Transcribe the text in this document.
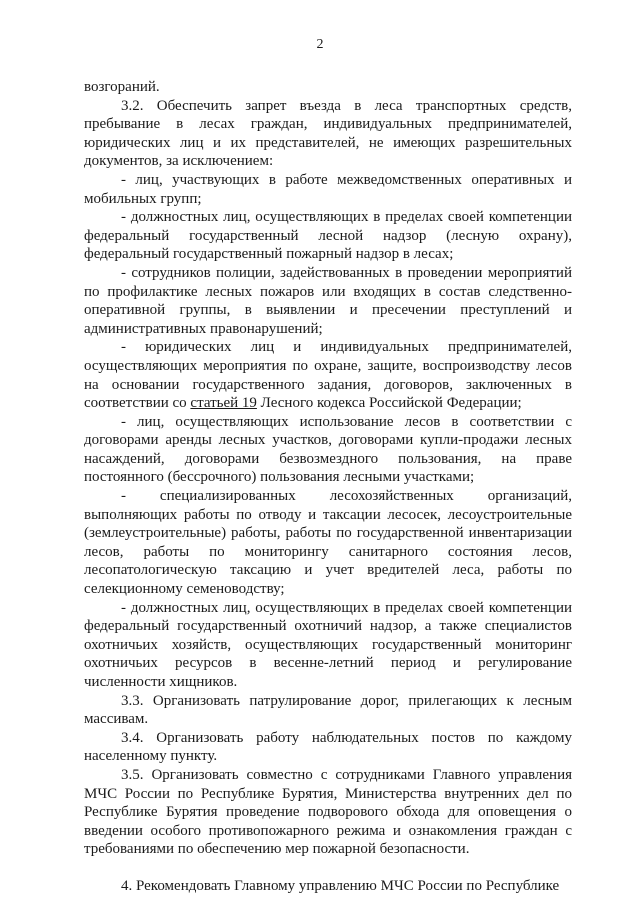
2

возгораний.

3.2. Обеспечить запрет въезда в леса транспортных средств, пребывание в лесах граждан, индивидуальных предпринимателей, юридических лиц и их представителей, не имеющих разрешительных документов, за исключением:

- лиц, участвующих в работе межведомственных оперативных и мобильных групп;

- должностных лиц, осуществляющих в пределах своей компетенции федеральный государственный лесной надзор (лесную охрану), федеральный государственный пожарный надзор в лесах;

- сотрудников полиции, задействованных в проведении мероприятий по профилактике лесных пожаров или входящих в состав следственно-оперативной группы, в выявлении и пресечении преступлений и административных правонарушений;

- юридических лиц и индивидуальных предпринимателей, осуществляющих мероприятия по охране, защите, воспроизводству лесов на основании государственного задания, договоров, заключенных в соответствии со статьей 19 Лесного кодекса Российской Федерации;

- лиц, осуществляющих использование лесов в соответствии с договорами аренды лесных участков, договорами купли-продажи лесных насаждений, договорами безвозмездного пользования, на праве постоянного (бессрочного) пользования лесными участками;

- специализированных лесохозяйственных организаций, выполняющих работы по отводу и таксации лесосек, лесоустроительные (землеустроительные) работы, работы по государственной инвентаризации лесов, работы по мониторингу санитарного состояния лесов, лесопатологическую таксацию и учет вредителей леса, работы по селекционному семеноводству;

- должностных лиц, осуществляющих в пределах своей компетенции федеральный государственный охотничий надзор, а также специалистов охотничьих хозяйств, осуществляющих государственный мониторинг охотничьих ресурсов в весенне-летний период и регулирование численности хищников.

3.3. Организовать патрулирование дорог, прилегающих к лесным массивам.

3.4. Организовать работу наблюдательных постов по каждому населенному пункту.

3.5. Организовать совместно с сотрудниками Главного управления МЧС России по Республике Бурятия, Министерства внутренних дел по Республике Бурятия проведение подворового обхода для оповещения о введении особого противопожарного режима и ознакомления граждан с требованиями по обеспечению мер пожарной безопасности.

4. Рекомендовать Главному управлению МЧС России по Республике
